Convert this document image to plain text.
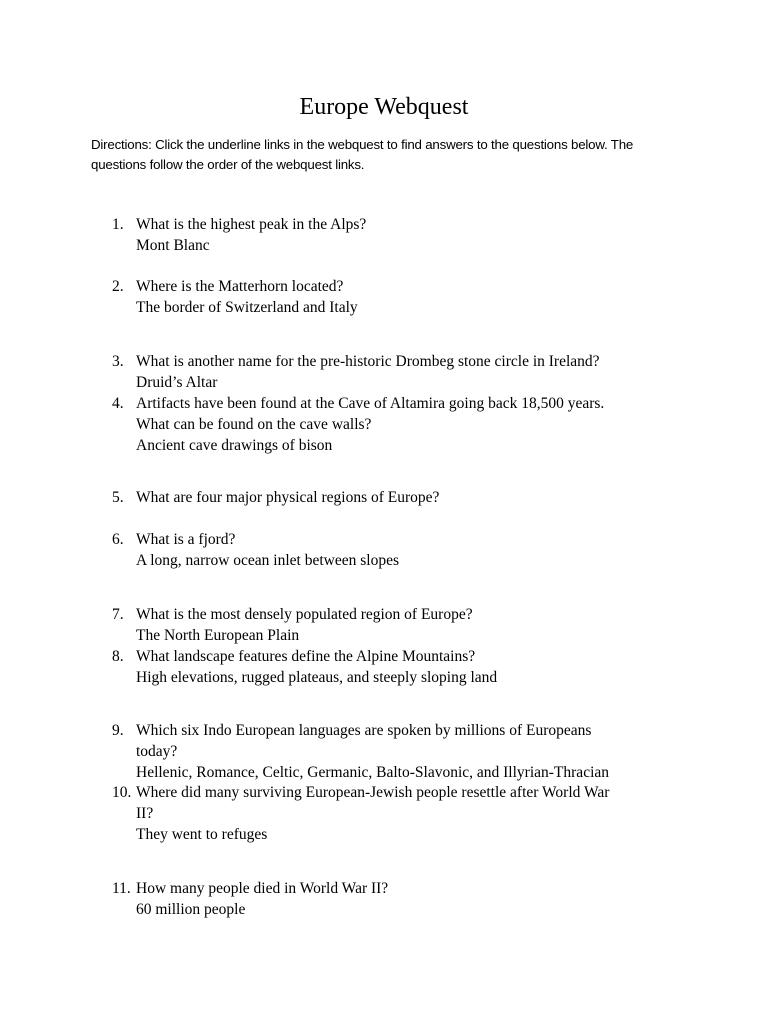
Europe Webquest
Directions: Click the underline links in the webquest to find answers to the questions below. The
questions follow the order of the webquest links.
1. What is the highest peak in the Alps?
Mont Blanc
2. Where is the Matterhorn located?
The border of Switzerland and Italy
3. What is another name for the pre-historic Drombeg stone circle in Ireland?
Druid’s Altar
4. Artifacts have been found at the Cave of Altamira going back 18,500 years.
What can be found on the cave walls?
Ancient cave drawings of bison
5. What are four major physical regions of Europe?
6. What is a fjord?
A long, narrow ocean inlet between slopes
7. What is the most densely populated region of Europe?
The North European Plain
8. What landscape features define the Alpine Mountains?
High elevations, rugged plateaus, and steeply sloping land
9. Which six Indo European languages are spoken by millions of Europeans
today?
Hellenic, Romance, Celtic, Germanic, Balto-Slavonic, and Illyrian-Thracian
10. Where did many surviving European-Jewish people resettle after World War
II?
They went to refuges
11. How many people died in World War II?
60 million people
